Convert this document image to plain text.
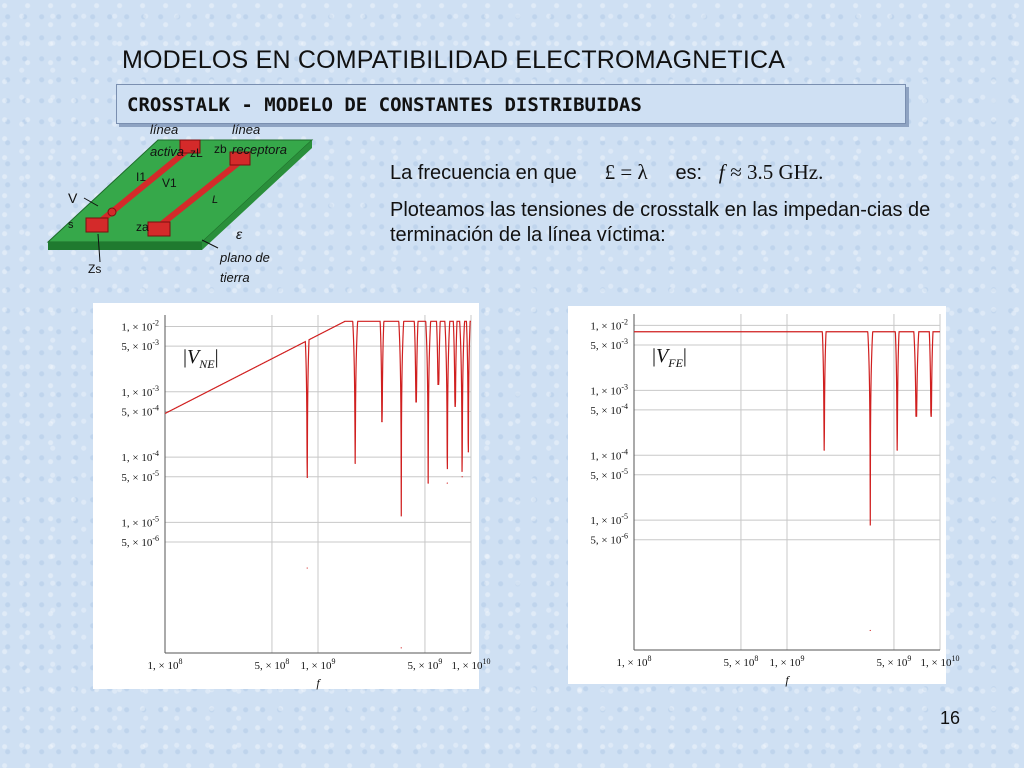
MODELOS EN COMPATIBILIDAD ELECTROMAGNETICA
CROSSTALK - MODELO DE CONSTANTES DISTRIBUIDAS
línea
activa
línea
receptora
zL zb
I1 V1
V
s	za
Zs
L
ε
plano de
tierra
La frecuencia en que £ = λ es: f ≈ 3.5 GHz.
Ploteamos las tensiones de crosstalk en las impedan-cias de terminación de la línea víctima:
1, × $10^{-2}$
5, × $10^{-3}$
1, × $10^{-3}$
5, × $10^{-4}$
1, × $10^{-4}$
5, × $10^{-5}$
1, × $10^{-5}$
5, × $10^{-6}$
1, × $10^8$	5, × $10^8$ 1, × $10^9$	5, × $10^9$ 1, × $10^{10}$
f
$|V_{NE}|$
1, × $10^{-2}$
5, × $10^{-3}$
1, × $10^{-3}$
5, × $10^{-4}$
1, × $10^{-4}$
5, × $10^{-5}$
1, × $10^{-5}$
5, × $10^{-6}$
1, × $10^8$	5, × $10^8$ 1, × $10^9$	5, × $10^9$ 1, × $10^{10}$
f
$|V_{FE}|$
16
